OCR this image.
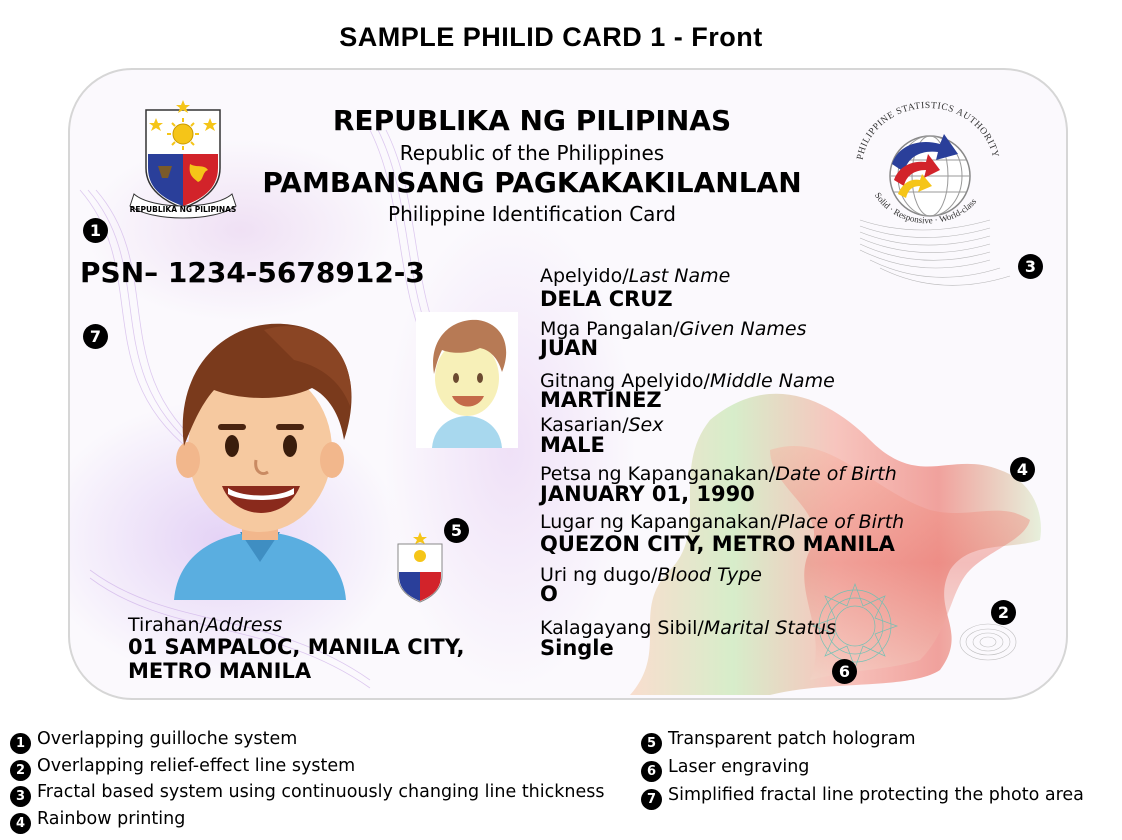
SAMPLE PHILID CARD 1 - Front
REPUBLIKA NG PILIPINAS
REPUBLIKA NG PILIPINAS
Republic of the Philippines
PAMBANSANG PAGKAKAKILANLAN
Philippine Identification Card
PHILIPPINE STATISTICS AUTHORITY
Solid · Responsive · World-class
PSN– 1234-5678912-3	Apelyido/Last Name
DELA CRUZ
Mga Pangalan/Given Names
JUAN
Gitnang Apelyido/Middle Name
MARTINEZ
Kasarian/Sex
MALE
Petsa ng Kapanganakan/Date of Birth
JANUARY 01, 1990
Lugar ng Kapanganakan/Place of Birth
QUEZON CITY, METRO MANILA
Uri ng dugo/Blood Type
O
Kalagayang Sibil/Marital Status
Single
Tirahan/Address
01 SAMPALOC, MANILA CITY,
METRO MANILA
1
2
3
4
5
6
7
1 Overlapping guilloche system
2 Overlapping relief-effect line system
3 Fractal based system using continuously changing line thickness
4 Rainbow printing
5 Transparent patch hologram
6 Laser engraving
7 Simplified fractal line protecting the photo area
